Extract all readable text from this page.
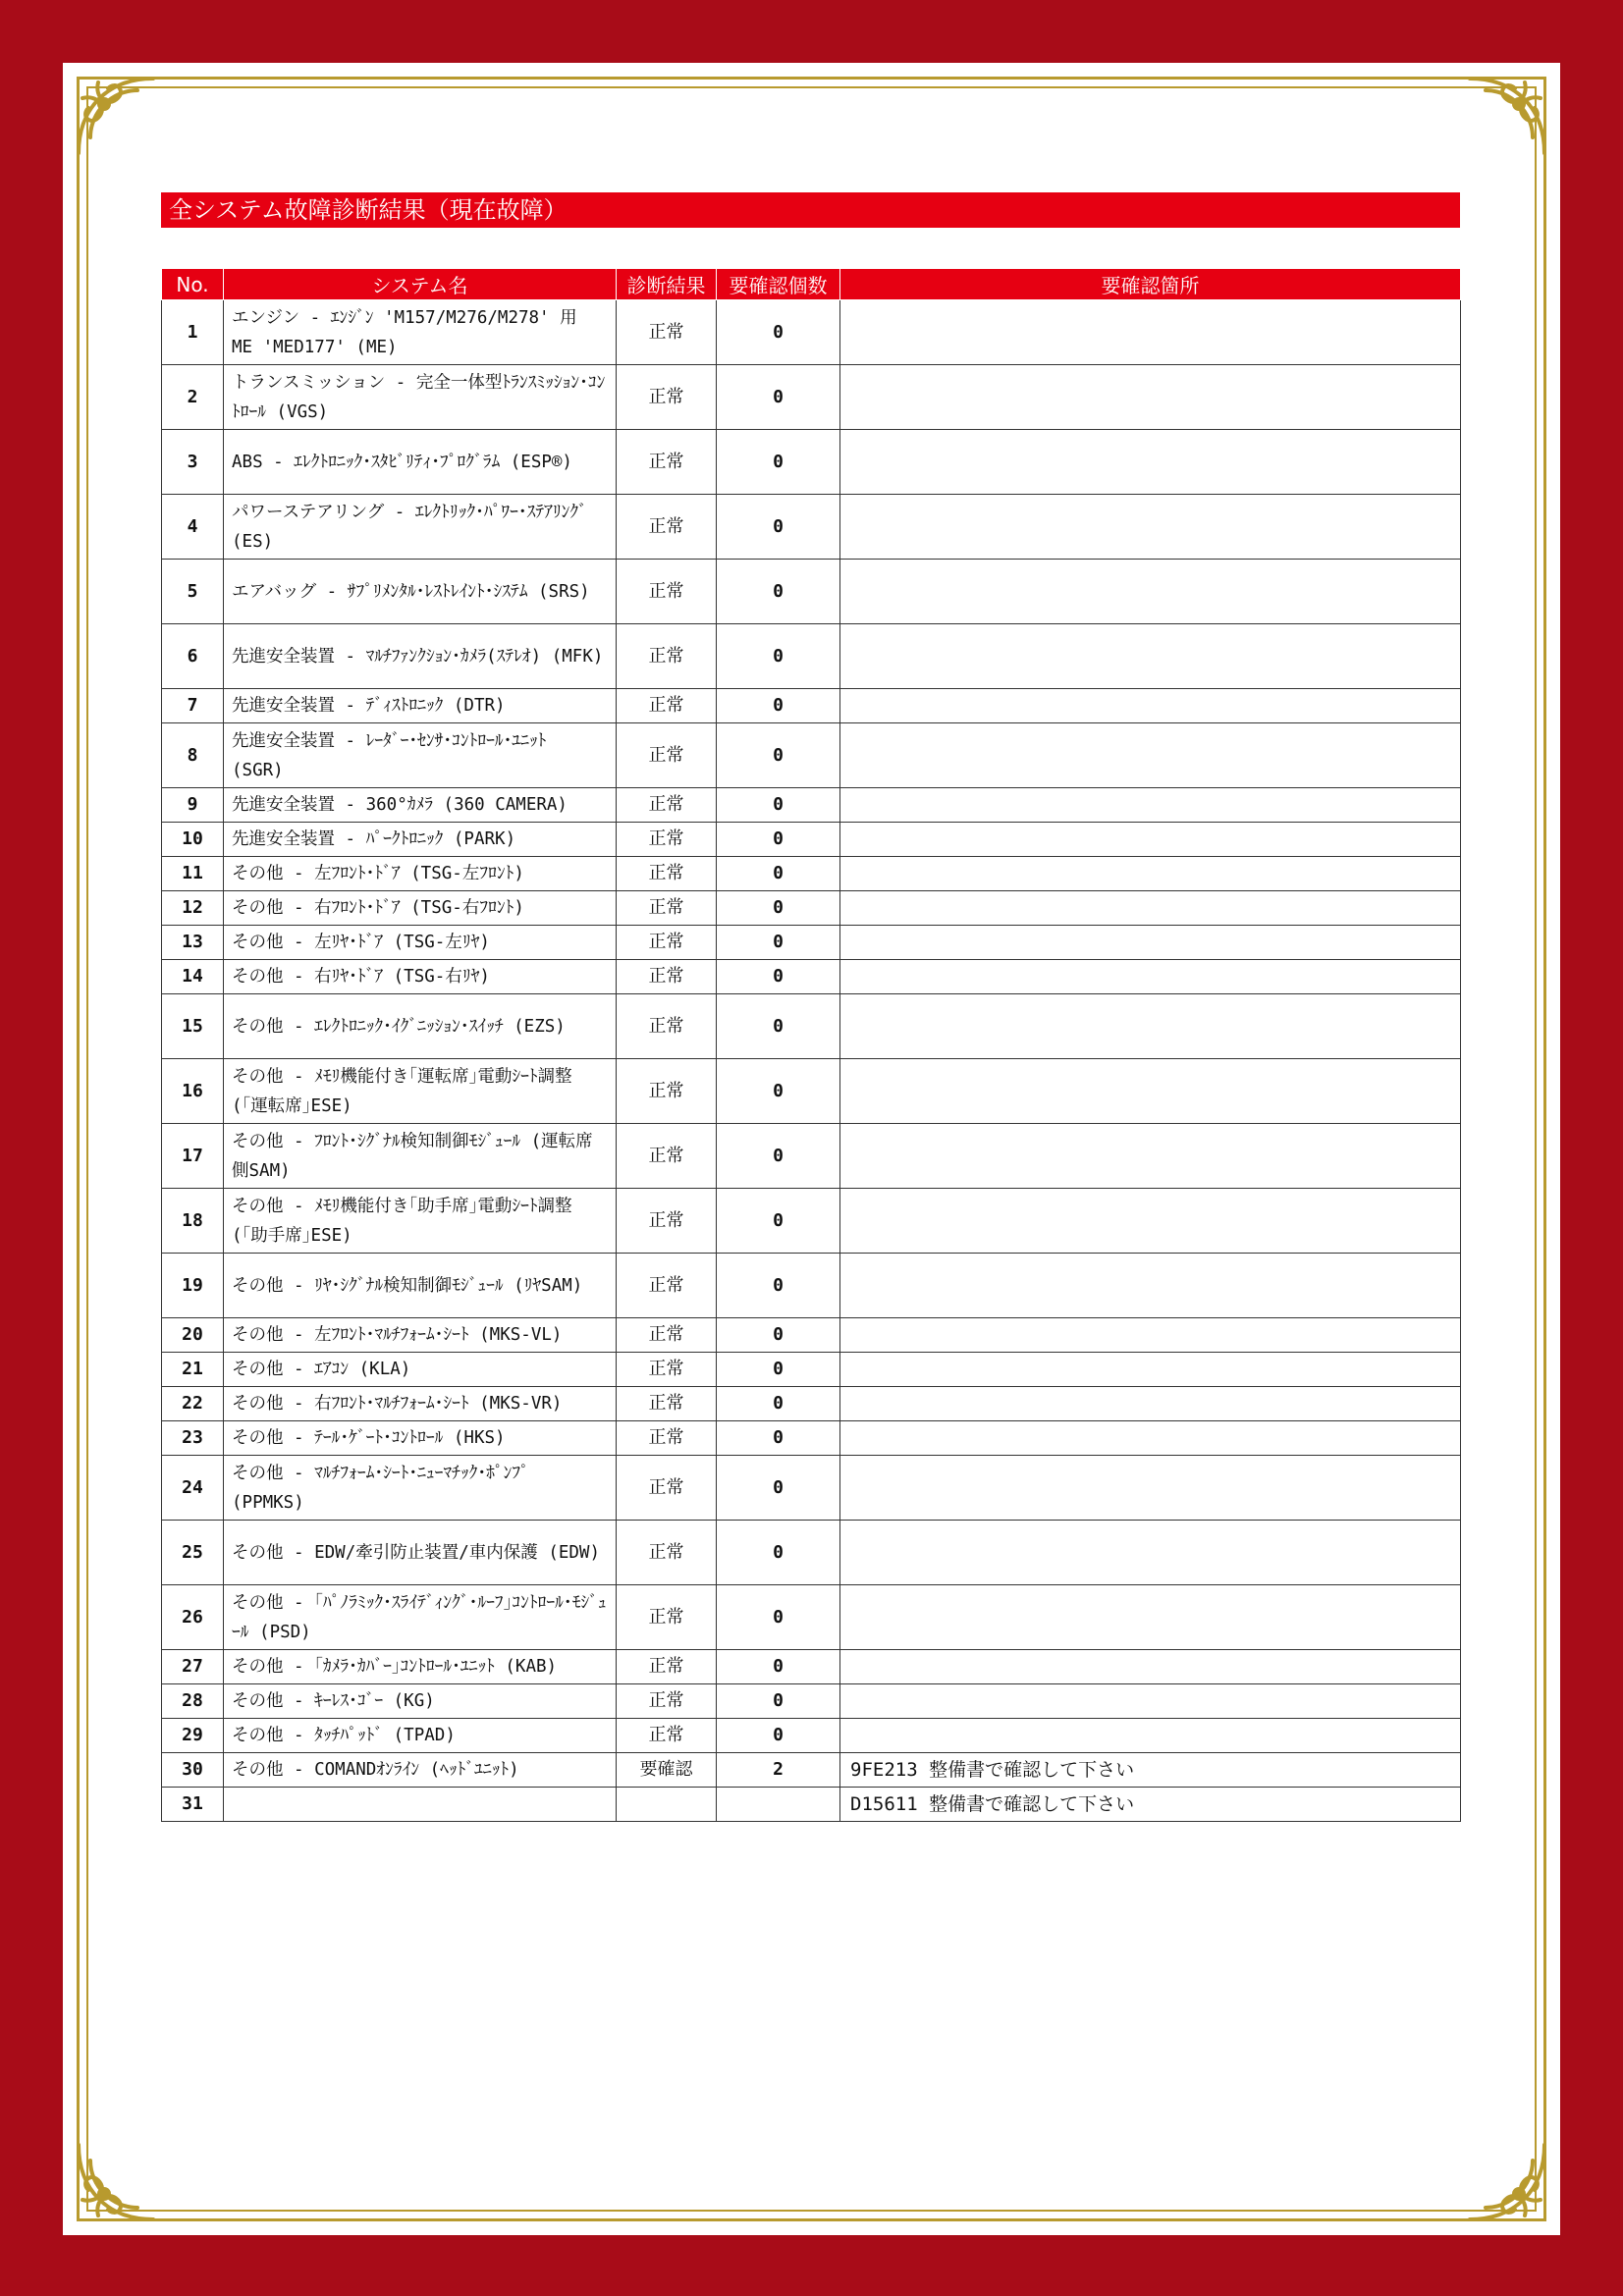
全システム故障診断結果（現在故障）
No.	システム名	診断結果	要確認個数	要確認箇所
1	エンジン - ｴﾝｼﾞﾝ 'M157/M276/M278' 用 ME 'MED177' (ME)	正常	0	
2	トランスミッション - 完全一体型ﾄﾗﾝｽﾐｯｼｮﾝ･ｺﾝﾄﾛｰﾙ (VGS)	正常	0	
3	ABS - ｴﾚｸﾄﾛﾆｯｸ･ｽﾀﾋﾞﾘﾃｨ･ﾌﾟﾛｸﾞﾗﾑ (ESP®)	正常	0	
4	パワーステアリング - ｴﾚｸﾄﾘｯｸ･ﾊﾟﾜｰ･ｽﾃｱﾘﾝｸﾞ (ES)	正常	0	
5	エアバッグ - ｻﾌﾟﾘﾒﾝﾀﾙ･ﾚｽﾄﾚｲﾝﾄ･ｼｽﾃﾑ (SRS)	正常	0	
6	先進安全装置 - ﾏﾙﾁﾌｧﾝｸｼｮﾝ･ｶﾒﾗ(ｽﾃﾚｵ) (MFK)	正常	0	
7	先進安全装置 - ﾃﾞｨｽﾄﾛﾆｯｸ (DTR)	正常	0	
8	先進安全装置 - ﾚｰﾀﾞｰ･ｾﾝｻ･ｺﾝﾄﾛｰﾙ･ﾕﾆｯﾄ (SGR)	正常	0	
9	先進安全装置 - 360°ｶﾒﾗ (360 CAMERA)	正常	0	
10	先進安全装置 - ﾊﾟｰｸﾄﾛﾆｯｸ (PARK)	正常	0	
11	その他 - 左ﾌﾛﾝﾄ･ﾄﾞｱ (TSG-左ﾌﾛﾝﾄ)	正常	0	
12	その他 - 右ﾌﾛﾝﾄ･ﾄﾞｱ (TSG-右ﾌﾛﾝﾄ)	正常	0	
13	その他 - 左ﾘﾔ･ﾄﾞｱ (TSG-左ﾘﾔ)	正常	0	
14	その他 - 右ﾘﾔ･ﾄﾞｱ (TSG-右ﾘﾔ)	正常	0	
15	その他 - ｴﾚｸﾄﾛﾆｯｸ･ｲｸﾞﾆｯｼｮﾝ･ｽｲｯﾁ (EZS)	正常	0	
16	その他 - ﾒﾓﾘ機能付き｢運転席｣電動ｼｰﾄ調整 (｢運転席｣ESE)	正常	0	
17	その他 - ﾌﾛﾝﾄ･ｼｸﾞﾅﾙ検知制御ﾓｼﾞｭｰﾙ (運転席側SAM)	正常	0	
18	その他 - ﾒﾓﾘ機能付き｢助手席｣電動ｼｰﾄ調整 (｢助手席｣ESE)	正常	0	
19	その他 - ﾘﾔ･ｼｸﾞﾅﾙ検知制御ﾓｼﾞｭｰﾙ (ﾘﾔSAM)	正常	0	
20	その他 - 左ﾌﾛﾝﾄ･ﾏﾙﾁﾌｫｰﾑ･ｼｰﾄ (MKS-VL)	正常	0	
21	その他 - ｴｱｺﾝ (KLA)	正常	0	
22	その他 - 右ﾌﾛﾝﾄ･ﾏﾙﾁﾌｫｰﾑ･ｼｰﾄ (MKS-VR)	正常	0	
23	その他 - ﾃｰﾙ･ｹﾞｰﾄ･ｺﾝﾄﾛｰﾙ (HKS)	正常	0	
24	その他 - ﾏﾙﾁﾌｫｰﾑ･ｼｰﾄ･ﾆｭｰﾏﾁｯｸ･ﾎﾟﾝﾌﾟ (PPMKS)	正常	0	
25	その他 - EDW/牽引防止装置/車内保護 (EDW)	正常	0	
26	その他 - ｢ﾊﾟﾉﾗﾐｯｸ･ｽﾗｲﾃﾞｨﾝｸﾞ･ﾙｰﾌ｣ｺﾝﾄﾛｰﾙ･ﾓｼﾞｭｰﾙ (PSD)	正常	0	
27	その他 - ｢ｶﾒﾗ･ｶﾊﾞｰ｣ｺﾝﾄﾛｰﾙ･ﾕﾆｯﾄ (KAB)	正常	0	
28	その他 - ｷｰﾚｽ･ｺﾞｰ (KG)	正常	0	
29	その他 - ﾀｯﾁﾊﾟｯﾄﾞ (TPAD)	正常	0	
30	その他 - COMANDｵﾝﾗｲﾝ (ﾍｯﾄﾞﾕﾆｯﾄ)	要確認	2	9FE213 整備書で確認して下さい
31				D15611 整備書で確認して下さい
